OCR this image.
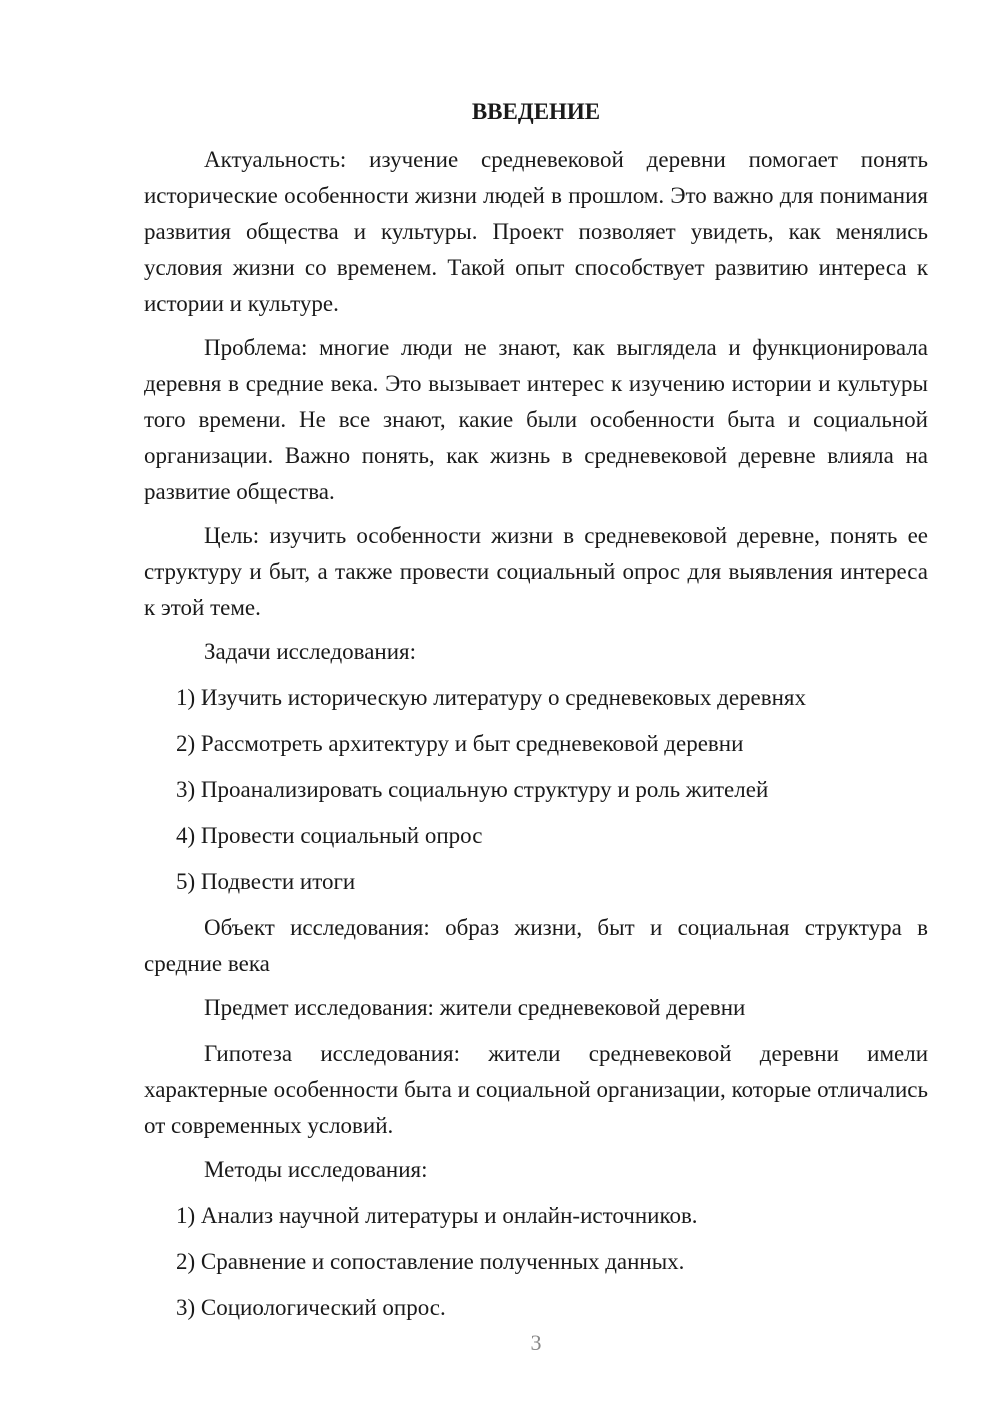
ВВЕДЕНИЕ

Актуальность: изучение средневековой деревни помогает понять исторические особенности жизни людей в прошлом. Это важно для понимания развития общества и культуры. Проект позволяет увидеть, как менялись условия жизни со временем. Такой опыт способствует развитию интереса к истории и культуре.

Проблема: многие люди не знают, как выглядела и функционировала деревня в средние века. Это вызывает интерес к изучению истории и культуры того времени. Не все знают, какие были особенности быта и социальной организации. Важно понять, как жизнь в средневековой деревне влияла на развитие общества.

Цель: изучить особенности жизни в средневековой деревне, понять ее структуру и быт, а также провести социальный опрос для выявления интереса к этой теме.

Задачи исследования:

1) Изучить историческую литературу о средневековых деревнях
2) Рассмотреть архитектуру и быт средневековой деревни
3) Проанализировать социальную структуру и роль жителей
4) Провести социальный опрос
5) Подвести итоги

Объект исследования: образ жизни, быт и социальная структура в средние века

Предмет исследования: жители средневековой деревни

Гипотеза исследования: жители средневековой деревни имели характерные особенности быта и социальной организации, которые отличались от современных условий.

Методы исследования:

1) Анализ научной литературы и онлайн-источников.
2) Сравнение и сопоставление полученных данных.
3) Социологический опрос.
3
